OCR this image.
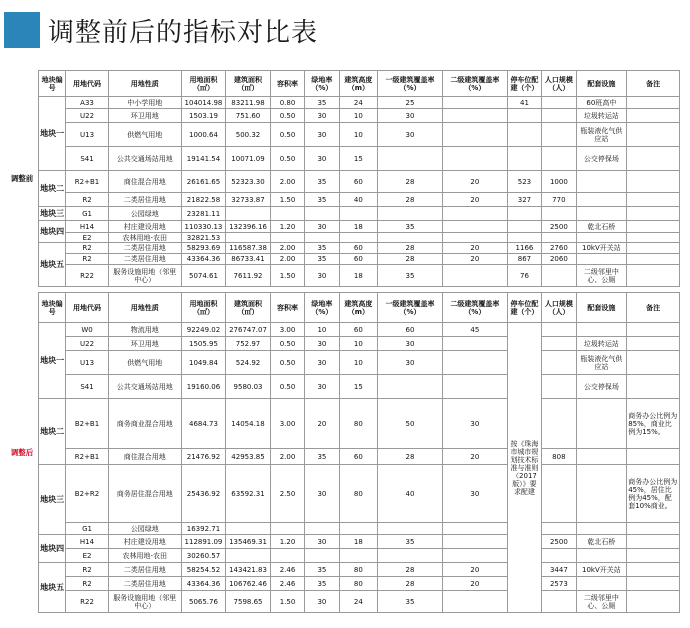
调整前后的指标对比表
调整前	地块编号	用地代码	用地性质	用地面积（㎡）	建筑面积（㎡）	容积率	绿地率（%）	建筑高度（m）	一级建筑覆盖率（%）	二级建筑覆盖率（%）	停车位配建（个）	人口规模（人）	配套设施	备注
	地块一	A33	中小学用地	104014.98	83211.98	0.80	35	24	25		41		60班高中	
		U22	环卫用地	1503.19	751.60	0.50	30	10	30				垃圾转运站	
		U13	供燃气用地	1000.64	500.32	0.50	30	10	30				瓶装液化气供应站	
		S41	公共交通场站用地	19141.54	10071.09	0.50	30	15					公交停保场	
	地块二	R2+B1	商住混合用地	26161.65	52323.30	2.00	35	60	28	20	523	1000		
		R2	二类居住用地	21822.58	32733.87	1.50	35	40	28	20	327	770		
	地块三	G1	公园绿地	23281.11										
	地块四	H14	村庄建设用地	110330.13	132396.16	1.20	30	18	35			2500	乾北石桥	
		E2	农林用地-农田	32821.53										
	地块五	R2	二类居住用地	58293.69	116587.38	2.00	35	60	28	20	1166	2760	10kV开关站	
		R2	二类居住用地	43364.36	86733.41	2.00	35	60	28	20	867	2060		
		R22	服务设施用地（邻里中心）	5074.61	7611.92	1.50	30	18	35		76		二级邻里中心、公厕	
调整后	地块编号	用地代码	用地性质	用地面积（㎡）	建筑面积（㎡）	容积率	绿地率（%）	建筑高度（m）	一级建筑覆盖率（%）	二级建筑覆盖率（%）	停车位配建（个）	人口规模（人）	配套设施	备注
	地块一	W0	物流用地	92249.02	276747.07	3.00	10	60	60	45	按《珠海市城市规划技术标准与准则（2017版）》要求配建			
		U22	环卫用地	1505.95	752.97	0.50	30	10	30				垃圾转运站	
		U13	供燃气用地	1049.84	524.92	0.50	30	10	30				瓶装液化气供应站	
		S41	公共交通场站用地	19160.06	9580.03	0.50	30	15					公交停保场	
	地块二	B2+B1	商务商业混合用地	4684.73	14054.18	3.00	20	80	50	30				商务办公比例为85%，商业比例为15%。
		R2+B1	商住混合用地	21476.92	42953.85	2.00	35	60	28	20		808		
	地块三	B2+R2	商务居住混合用地	25436.92	63592.31	2.50	30	80	40	30				商务办公比例为45%，居住比例为45%，配套10%商业。
		G1	公园绿地	16392.71										
	地块四	H14	村庄建设用地	112891.09	135469.31	1.20	30	18	35			2500	乾北石桥	
		E2	农林用地-农田	30260.57										
	地块五	R2	二类居住用地	58254.52	143421.83	2.46	35	80	28	20		3447	10kV开关站	
		R2	二类居住用地	43364.36	106762.46	2.46	35	80	28	20		2573		
		R22	服务设施用地（邻里中心）	5065.76	7598.65	1.50	30	24	35				二级邻里中心、公厕	
